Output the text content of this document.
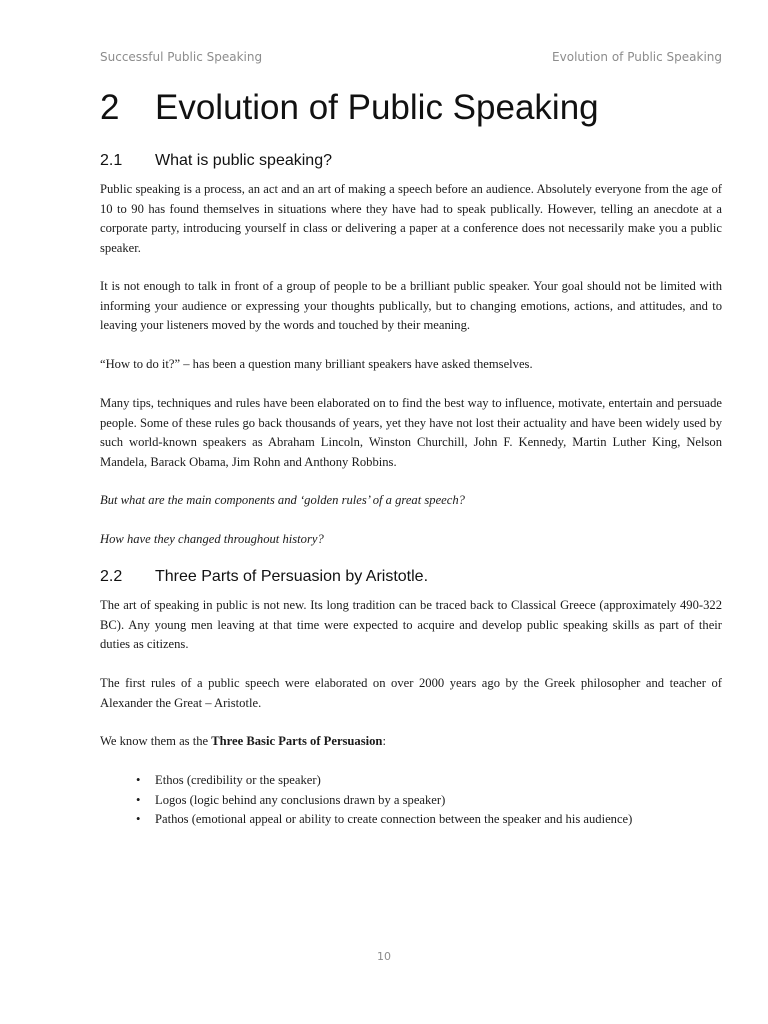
Successful Public Speaking	Evolution of Public Speaking
2	Evolution of Public Speaking
2.1	What is public speaking?

Public speaking is a process, an act and an art of making a speech before an audience. Absolutely everyone from the age of 10 to 90 has found themselves in situations where they have had to speak publically. However, telling an anecdote at a corporate party, introducing yourself in class or delivering a paper at a conference does not necessarily make you a public speaker.

It is not enough to talk in front of a group of people to be a brilliant public speaker. Your goal should not be limited with informing your audience or expressing your thoughts publically, but to changing emotions, actions, and attitudes, and to leaving your listeners moved by the words and touched by their meaning.

“How to do it?” – has been a question many brilliant speakers have asked themselves.

Many tips, techniques and rules have been elaborated on to find the best way to influence, motivate, entertain and persuade people. Some of these rules go back thousands of years, yet they have not lost their actuality and have been widely used by such world-known speakers as Abraham Lincoln, Winston Churchill, John F. Kennedy, Martin Luther King, Nelson Mandela, Barack Obama, Jim Rohn and Anthony Robbins.

But what are the main components and ‘golden rules’ of a great speech?

How have they changed throughout history?

2.2	Three Parts of Persuasion by Aristotle.

The art of speaking in public is not new. Its long tradition can be traced back to Classical Greece (approximately 490-322 BC). Any young men leaving at that time were expected to acquire and develop public speaking skills as part of their duties as citizens.

The first rules of a public speech were elaborated on over 2000 years ago by the Greek philosopher and teacher of Alexander the Great – Aristotle.

We know them as the Three Basic Parts of Persuasion:

• Ethos (credibility or the speaker)
• Logos (logic behind any conclusions drawn by a speaker)
• Pathos (emotional appeal or ability to create connection between the speaker and his audience)
10
